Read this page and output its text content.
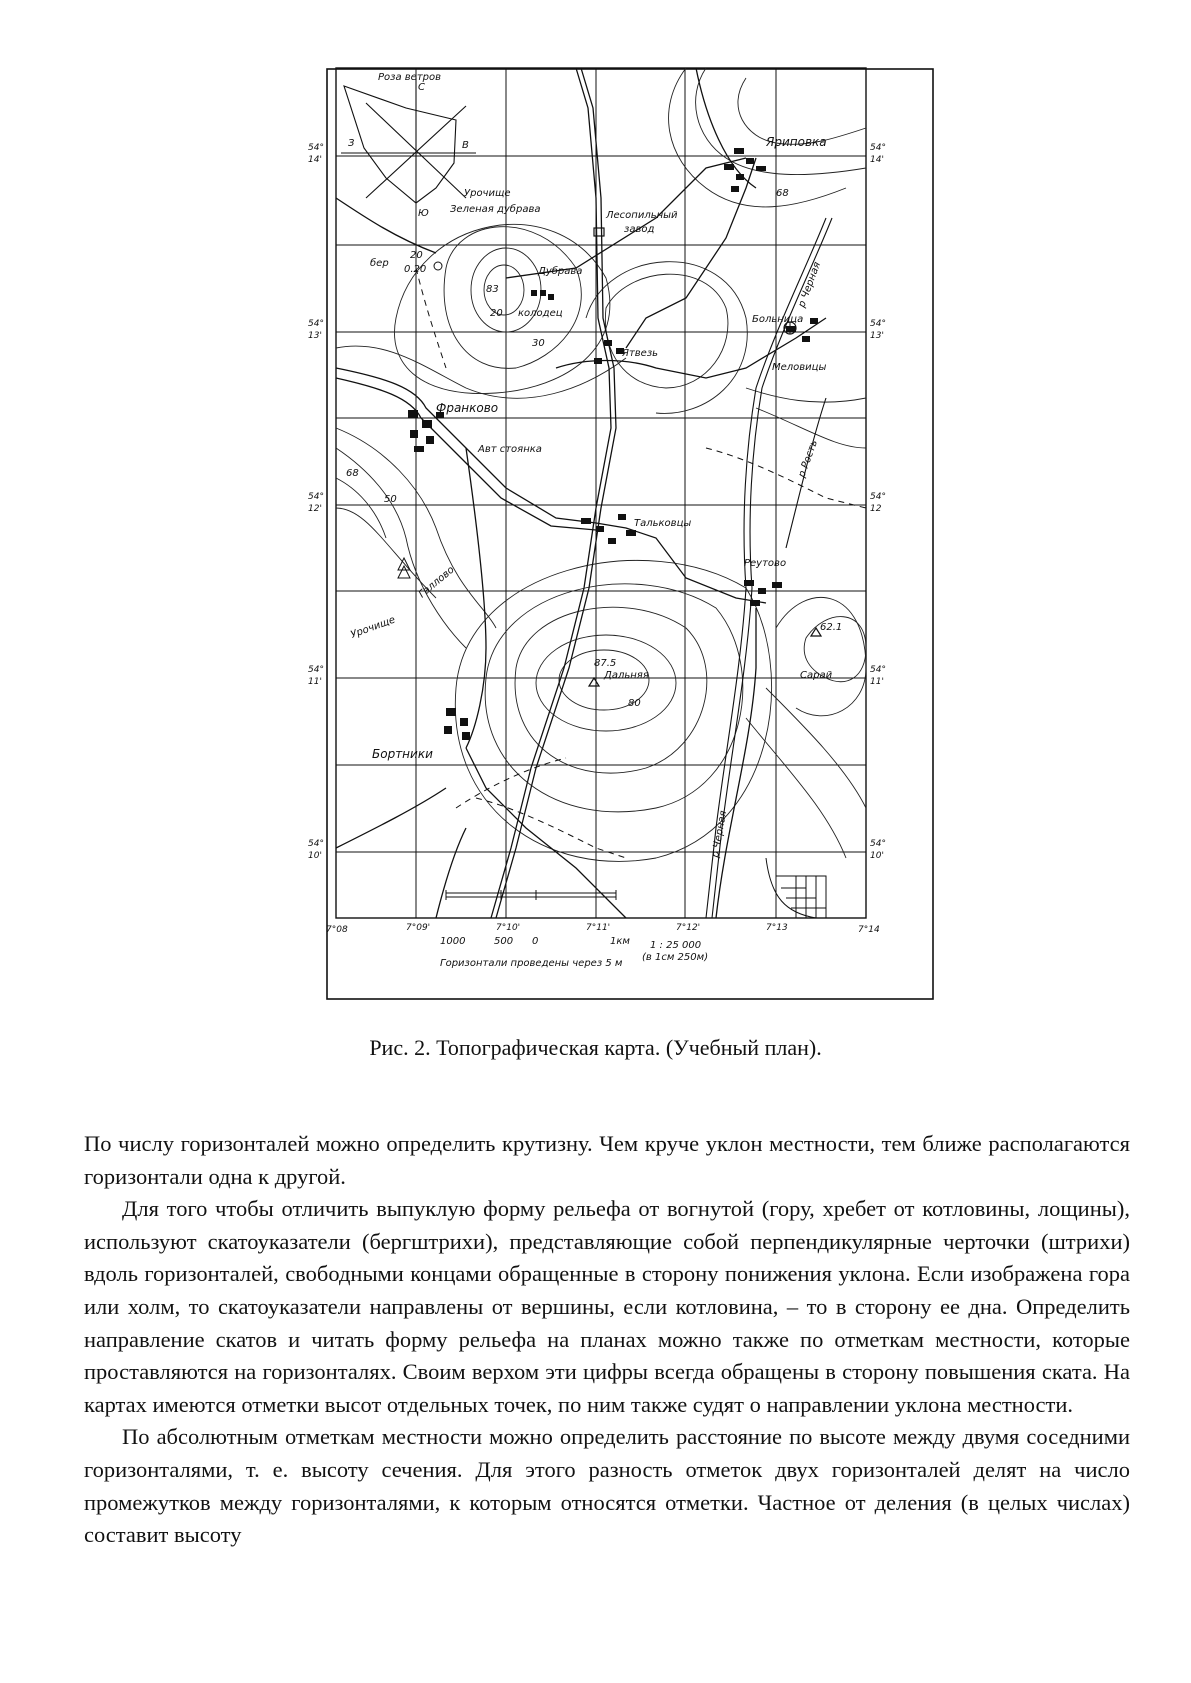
Роза ветров
С
Ю
В
З	Яриповка
Урочище
Зеленая дубрава
Лесопильный
завод
Дубрава
колодец
бер
Ятвезь
Больница
Меловицы
Франково
Авт стоянка
Тальковцы
р Черная
р Рость
Реутово
Урочище
Галлово
Дальняя	Сарай
Бортники
р Черная
83
68
30
20
68
50
87.5
80
62.1
20
0.20
54°
14'
54°
13'
54°
12'
54°
11'
54°
10'
54°
14'
54°
13'
54°
12
54°
11'
54°
10'
7°08	7°09'	7°10'	7°11'	7°12'	7°13	7°14
1000	500 0	1км 1 : 25 000
(в 1см 250м)
Горизонтали проведены через 5 м
Рис. 2. Топографическая карта. (Учебный план).

По числу горизонталей можно определить крутизну. Чем круче уклон местности, тем ближе располагаются горизонтали одна к другой.

Для того чтобы отличить выпуклую форму рельефа от вогнутой (гору, хребет от котловины, лощины), используют скатоуказатели (бергштрихи), представляющие собой перпендикулярные черточки (штрихи) вдоль горизонталей, свободными концами обращенные в сторону понижения уклона. Если изображена гора или холм, то скатоуказатели направлены от вершины, если котловина, – то в сторону ее дна. Определить направление скатов и читать форму рельефа на планах можно также по отметкам местности, которые проставляются на горизонталях. Своим верхом эти цифры всегда обращены в сторону повышения ската. На картах имеются отметки высот отдельных точек, по ним также судят о направлении уклона местности.

По абсолютным отметкам местности можно определить расстояние по высоте между двумя соседними горизонталями, т. е. высоту сечения. Для этого разность отметок двух горизонталей делят на число промежутков между горизонталями, к которым относятся отметки. Частное от деления (в целых числах) составит высоту
